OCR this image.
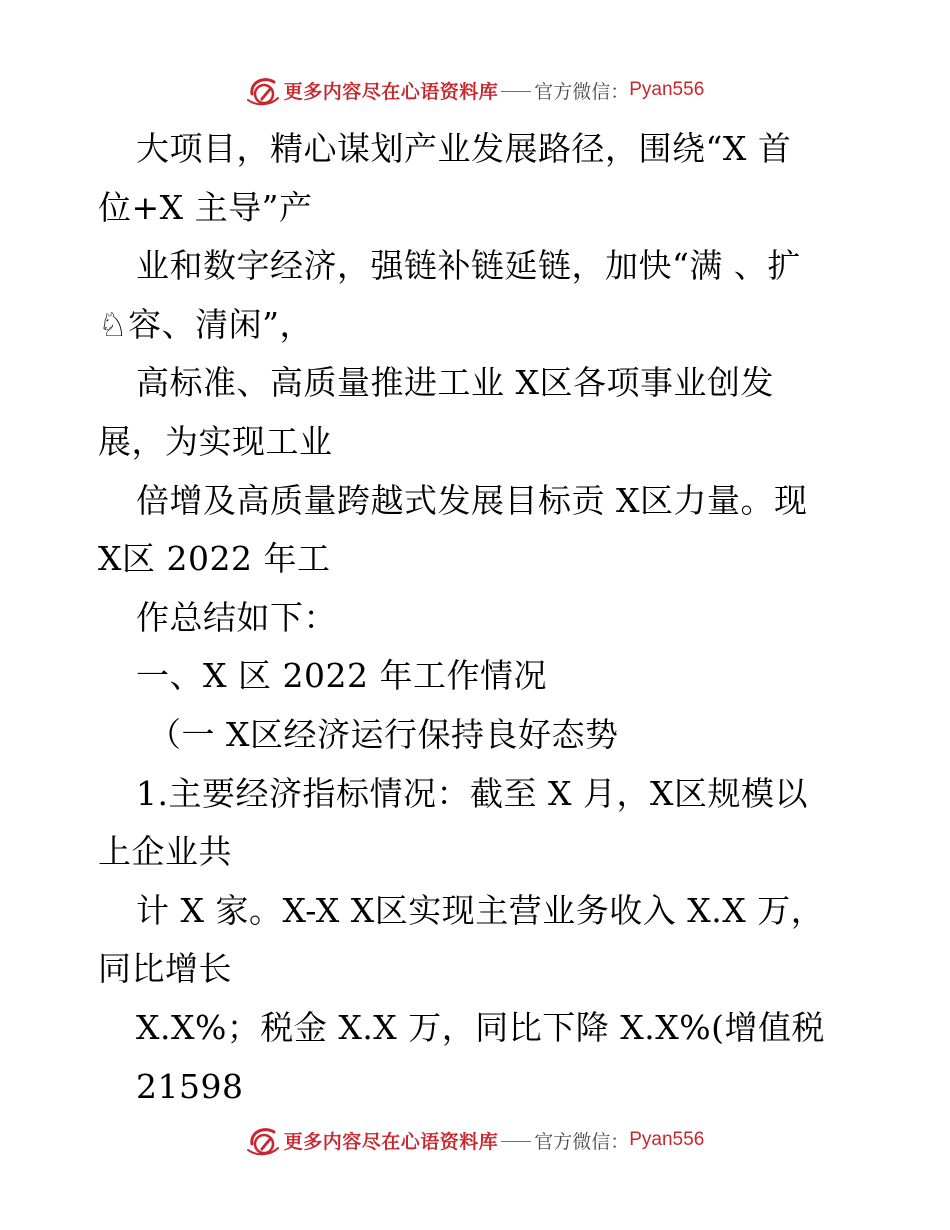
更多内容尽在心语资料库 官方微信： Pyan556
大项目，精心谋划产业发展路径，围绕“X 首
位+X 主导”产
业和数字经济，强链补链延链，加快“满 、扩
♘容、清闲”，
高标准、高质量推进工业 X区各项事业创发
展，为实现工业
倍增及高质量跨越式发展目标贡 X区力量。现
X区 2022 年工
作总结如下：
一、X 区 2022 年工作情况
（一 X区经济运行保持良好态势
1.主要经济指标情况：截至 X 月，X区规模以
上企业共
计 X 家。X-X X区实现主营业务收入 X.X 万，
同比增长
X.X%；税金 X.X 万，同比下降 X.X%(增值税
21598
更多内容尽在心语资料库 官方微信： Pyan556
